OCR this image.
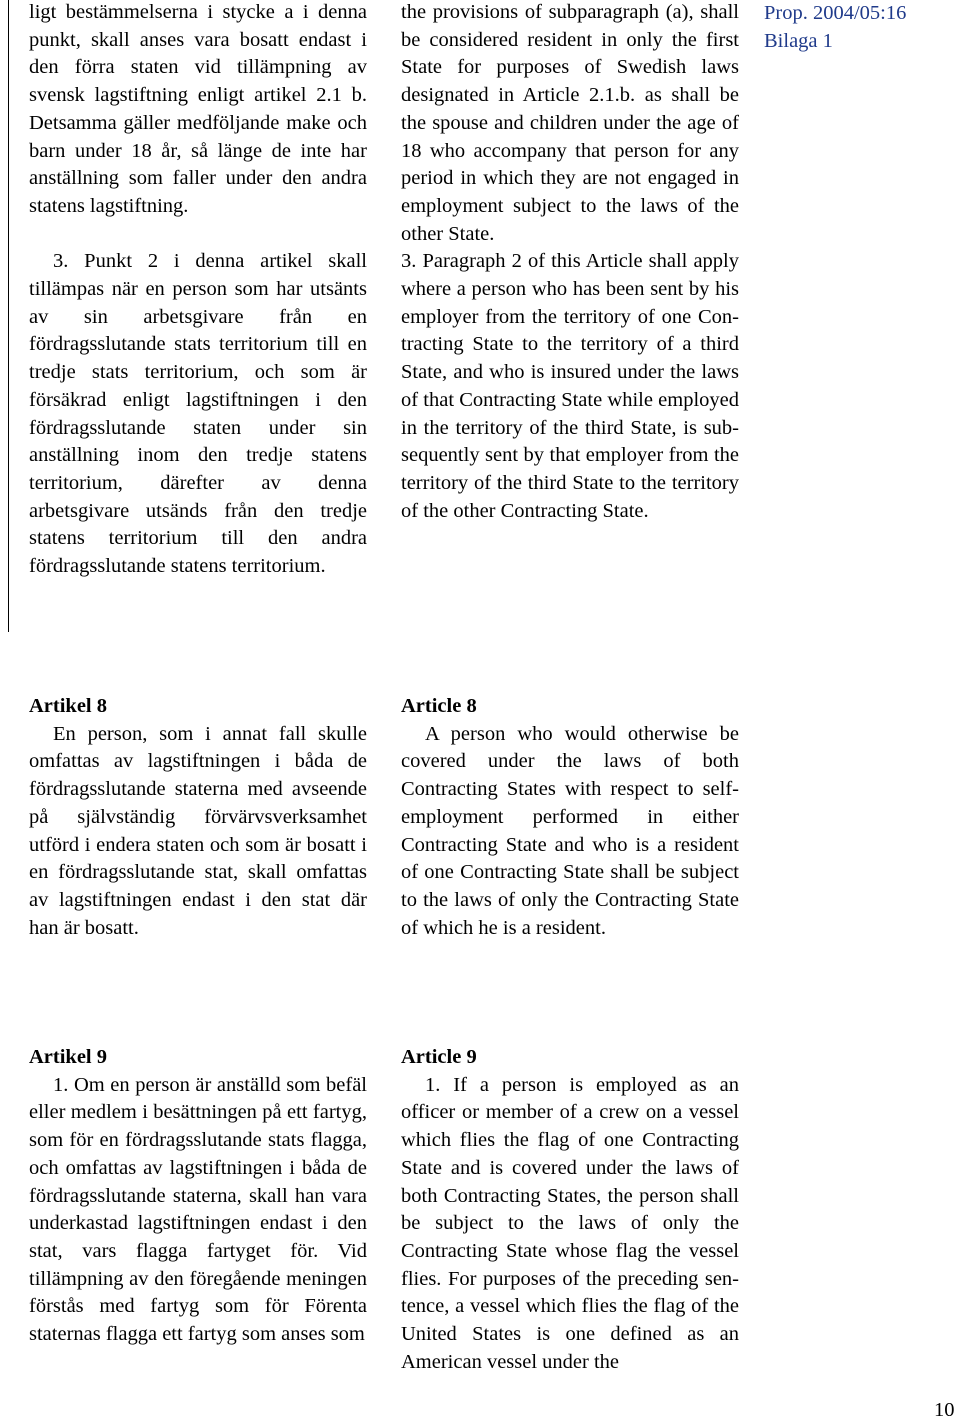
Prop. 2004/05:16
Bilaga 1

ligt bestämmelserna i stycke a i denna punkt, skall anses vara bosatt endast i den förra staten vid tillämpning av svensk lagstiftning enligt artikel 2.1 b. Detsamma gäller medföljande make och barn under 18 år, så länge de inte har anställning som faller under den andra statens lagstiftning.

3. Punkt 2 i denna artikel skall tillämpas när en person som har utsänts av sin arbetsgivare från en fördragsslutande stats territorium till en tredje stats territorium, och som är försäkrad enligt lagstiftningen i den fördragsslutande staten under sin anställning inom den tredje statens territorium, därefter av denna arbetsgivare utsänds från den tredje statens territorium till den andra fördragsslutande statens territorium.

the provisions of subparagraph (a), shall be considered resident in only the first State for purposes of Swedish laws designated in Article 2.1.b. as shall be the spouse and children under the age of 18 who accompany that person for any period in which they are not engaged in employment subject to the laws of the other State.

3. Paragraph 2 of this Article shall apply where a person who has been sent by his employer from the territory of one Contracting State to the territory of a third State, and who is insured under the laws of that Contracting State while employed in the territory of the third State, is subsequently sent by that employer from the territory of the third State to the territory of the other Contracting State.

Artikel 8

En person, som i annat fall skulle omfattas av lagstiftningen i båda de fördragsslutande staterna med avseende på självständig förvärvsverksamhet utförd i endera staten och som är bosatt i en fördragsslutande stat, skall omfattas av lagstiftningen endast i den stat där han är bosatt.

Article 8

A person who would otherwise be covered under the laws of both Contracting States with respect to self-employment performed in either Contracting State and who is a resident of one Contracting State shall be subject to the laws of only the Contracting State of which he is a resident.

Artikel 9

1. Om en person är anställd som befäl eller medlem i besättningen på ett fartyg, som för en fördragsslutande stats flagga, och omfattas av lagstiftningen i båda de fördragsslutande staterna, skall han vara underkastad lagstiftningen endast i den stat, vars flagga fartyget för. Vid tillämpning av den föregående meningen förstås med fartyg som för Förenta staternas flagga ett fartyg som anses som

Article 9

1. If a person is employed as an officer or member of a crew on a vessel which flies the flag of one Contracting State and is covered under the laws of both Contracting States, the person shall be subject to the laws of only the Contracting State whose flag the vessel flies. For purposes of the preceding sentence, a vessel which flies the flag of the United States is one defined as an American vessel under the

10
